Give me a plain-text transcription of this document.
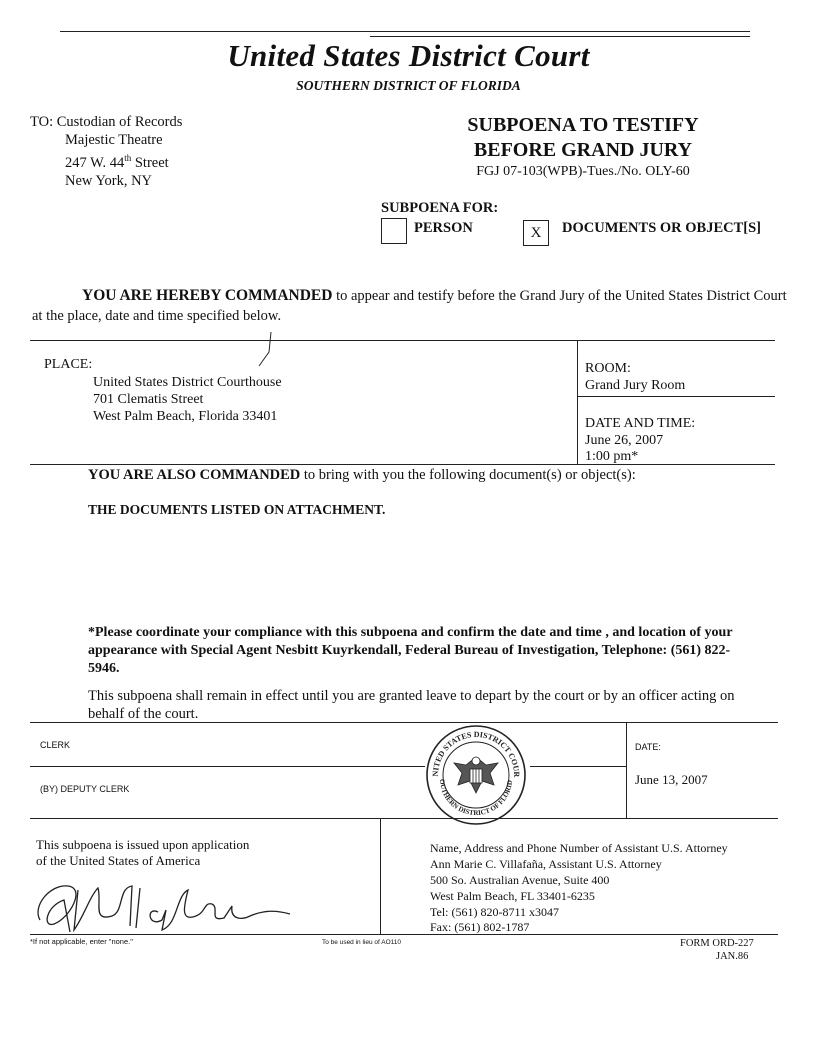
United States District Court
SOUTHERN DISTRICT OF FLORIDA
TO: Custodian of Records
Majestic Theatre
247 W. 44th Street
New York, NY
SUBPOENA TO TESTIFY
BEFORE GRAND JURY
FGJ 07-103(WPB)-Tues./No. OLY-60
SUBPOENA FOR:
PERSON	X	DOCUMENTS OR OBJECT[S]
YOU ARE HEREBY COMMANDED to appear and testify before the Grand Jury of the United States District Court at the place, date and time specified below.
PLACE:
United States District Courthouse
701 Clematis Street
West Palm Beach, Florida 33401
ROOM:
Grand Jury Room
DATE AND TIME:
June 26, 2007
1:00 pm*
YOU ARE ALSO COMMANDED to bring with you the following document(s) or object(s):
THE DOCUMENTS LISTED ON ATTACHMENT.
*Please coordinate your compliance with this subpoena and confirm the date and time , and location of your appearance with Special Agent Nesbitt Kuyrkendall, Federal Bureau of Investigation, Telephone: (561) 822-5946.
This subpoena shall remain in effect until you are granted leave to depart by the court or by an officer acting on behalf of the court.
CLERK
(BY) DEPUTY CLERK
DATE:
June 13, 2007
NITED STATES DISTRICT COUR
OUTHERN DISTRICT OF FLORID
This subpoena is issued upon application
of the United States of America
Name, Address and Phone Number of Assistant U.S. Attorney
Ann Marie C. Villafaña, Assistant U.S. Attorney
500 So. Australian Avenue, Suite 400
West Palm Beach, FL 33401-6235
Tel: (561) 820-8711 x3047
Fax: (561) 802-1787
*If not applicable, enter "none."	To be used in lieu of AO110	FORM ORD-227
JAN.86
